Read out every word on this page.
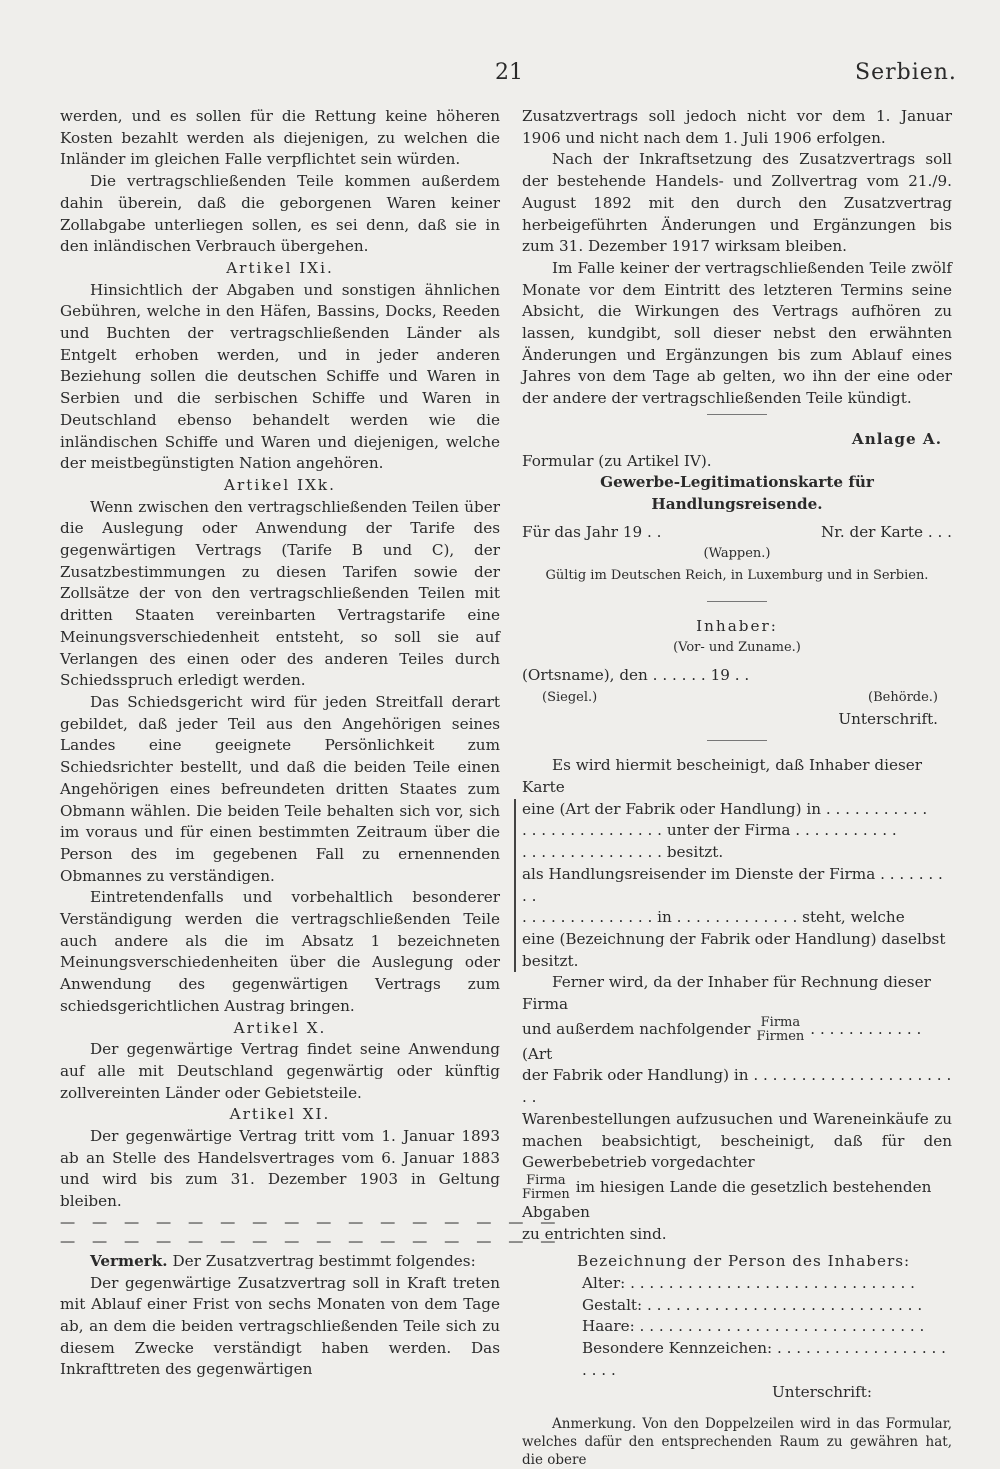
21	Serbien.

werden, und es sollen für die Rettung keine höheren Kosten bezahlt werden als diejenigen, zu welchen die Inländer im gleichen Falle verpflichtet sein würden.

Die vertragschließenden Teile kommen außerdem dahin überein, daß die geborgenen Waren keiner Zollabgabe unterliegen sollen, es sei denn, daß sie in den inländischen Verbrauch übergehen.

Artikel IXi.

Hinsichtlich der Abgaben und sonstigen ähnlichen Gebühren, welche in den Häfen, Bassins, Docks, Reeden und Buchten der vertragschließenden Länder als Entgelt erhoben werden, und in jeder anderen Beziehung sollen die deutschen Schiffe und Waren in Serbien und die serbischen Schiffe und Waren in Deutschland ebenso behandelt werden wie die inländischen Schiffe und Waren und diejenigen, welche der meistbegünstigten Nation angehören.

Artikel IXk.

Wenn zwischen den vertragschließenden Teilen über die Auslegung oder Anwendung der Tarife des gegenwärtigen Vertrags (Tarife B und C), der Zusatzbestimmungen zu diesen Tarifen sowie der Zollsätze der von den vertragschließenden Teilen mit dritten Staaten vereinbarten Vertragstarife eine Meinungsverschiedenheit entsteht, so soll sie auf Verlangen des einen oder des anderen Teiles durch Schiedsspruch erledigt werden.

Das Schiedsgericht wird für jeden Streitfall derart gebildet, daß jeder Teil aus den Angehörigen seines Landes eine geeignete Persönlichkeit zum Schiedsrichter bestellt, und daß die beiden Teile einen Angehörigen eines befreundeten dritten Staates zum Obmann wählen. Die beiden Teile behalten sich vor, sich im voraus und für einen bestimmten Zeitraum über die Person des im gegebenen Fall zu ernennenden Obmannes zu verständigen.

Eintretendenfalls und vorbehaltlich besonderer Verständigung werden die vertragschließenden Teile auch andere als die im Absatz 1 bezeichneten Meinungsverschiedenheiten über die Auslegung oder Anwendung des gegenwärtigen Vertrags zum schiedsgerichtlichen Austrag bringen.

Artikel X.

Der gegenwärtige Vertrag findet seine Anwendung auf alle mit Deutschland gegenwärtig oder künftig zollvereinten Länder oder Gebietsteile.

Artikel XI.

Der gegenwärtige Vertrag tritt vom 1. Januar 1893 ab an Stelle des Handelsvertrages vom 6. Januar 1883 und wird bis zum 31. Dezember 1903 in Geltung bleiben.

— — — — — — — — — — — — — — — —

— — — — — — — — — — — — — — — —

Vermerk. Der Zusatzvertrag bestimmt folgendes:

Der gegenwärtige Zusatzvertrag soll in Kraft treten mit Ablauf einer Frist von sechs Monaten von dem Tage ab, an dem die beiden vertragschließenden Teile sich zu diesem Zwecke verständigt haben werden. Das Inkrafttreten des gegenwärtigen

Zusatzvertrags soll jedoch nicht vor dem 1. Januar 1906 und nicht nach dem 1. Juli 1906 erfolgen.

Nach der Inkraftsetzung des Zusatzvertrags soll der bestehende Handels- und Zollvertrag vom 21./9. August 1892 mit den durch den Zusatzvertrag herbeigeführten Änderungen und Ergänzungen bis zum 31. Dezember 1917 wirksam bleiben.

Im Falle keiner der vertragschließenden Teile zwölf Monate vor dem Eintritt des letzteren Termins seine Absicht, die Wirkungen des Vertrags aufhören zu lassen, kundgibt, soll dieser nebst den erwähnten Änderungen und Ergänzungen bis zum Ablauf eines Jahres von dem Tage ab gelten, wo ihn der eine oder der andere der vertragschließenden Teile kündigt.

Anlage A.

Formular (zu Artikel IV).

Gewerbe-Legitimationskarte für Handlungsreisende.

Für das Jahr 19 . .	Nr. der Karte . . .

(Wappen.)

Gültig im Deutschen Reich, in Luxemburg und in Serbien.

Inhaber:

(Vor- und Zuname.)

(Ortsname), den . . . . . . 19 . .

(Siegel.)	(Behörde.)

Unterschrift.

Es wird hiermit bescheinigt, daß Inhaber dieser Karte

eine (Art der Fabrik oder Handlung) in . . . . . . . . . . .

. . . . . . . . . . . . . . . unter der Firma . . . . . . . . . . .

. . . . . . . . . . . . . . . besitzt.

als Handlungsreisender im Dienste der Firma . . . . . . . . .

. . . . . . . . . . . . . . in . . . . . . . . . . . . . steht, welche

eine (Bezeichnung der Fabrik oder Handlung) daselbst besitzt.

Ferner wird, da der Inhaber für Rechnung dieser Firma

und außerdem nachfolgender Firma
Firmen . . . . . . . . . . . . (Art

der Fabrik oder Handlung) in . . . . . . . . . . . . . . . . . . . . . . .

Warenbestellungen aufzusuchen und Wareneinkäufe zu machen beabsichtigt, bescheinigt, daß für den Gewerbebetrieb vorgedachter

Firma
Firmen im hiesigen Lande die gesetzlich bestehenden Abgaben

zu entrichten sind.

Bezeichnung der Person des Inhabers:

Alter: . . . . . . . . . . . . . . . . . . . . . . . . . . . . . .

Gestalt: . . . . . . . . . . . . . . . . . . . . . . . . . . . . .

Haare: . . . . . . . . . . . . . . . . . . . . . . . . . . . . . .

Besondere Kennzeichen: . . . . . . . . . . . . . . . . . . . . . .

Unterschrift:

Anmerkung. Von den Doppelzeilen wird in das Formular, welches dafür den entsprechenden Raum zu gewähren hat, die obere
